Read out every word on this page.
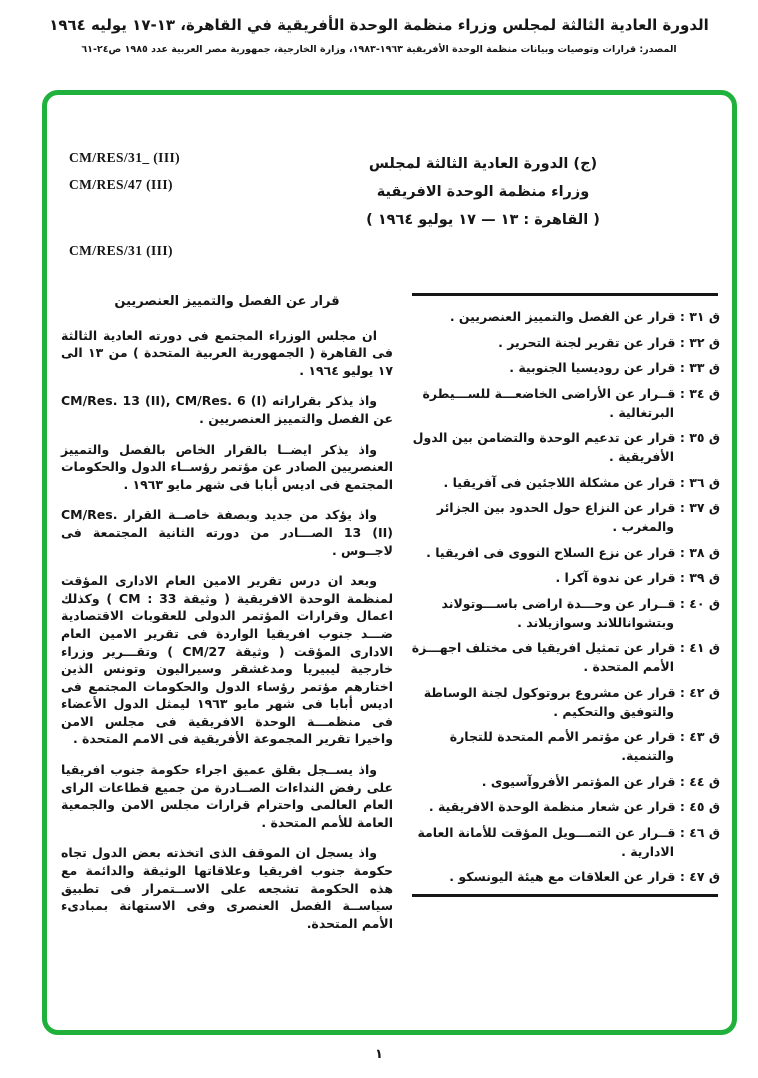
الدورة العادية الثالثة لمجلس وزراء منظمة الوحدة الأفريقية في القاهرة، ١٣-١٧ يوليه ١٩٦٤
المصدر: قرارات وتوصيات وبيانات منظمة الوحدة الأفريقية ١٩٦٣-١٩٨٣، وزارة الخارجية، جمهورية مصر العربية عدد ١٩٨٥ ص٢٤-٦١
CM/RES/31_ (III)
CM/RES/47 (III)
(ج) الدورة العادية الثالثة لمجلس
وزراء منظمة الوحدة الافريقية
( القاهرة : ١٣ — ١٧ يوليو ١٩٦٤ )
CM/RES/31 (III)
قرار عن الفصل والتمييز العنصريين

ان مجلس الوزراء المجتمع فى دورته العادية الثالثة فى القاهرة ( الجمهورية العربية المتحدة ) من ١٣ الى ١٧ يوليو ١٩٦٤ .

واذ يذكر بقراراته CM/Res. 13 (II), CM/Res. 6 (I) عن الفصل والتمييز العنصريين .

واذ يذكر ايضــا بالقرار الخاص بالفصل والتمييز العنصريين الصادر عن مؤتمر رؤســاء الدول والحكومات المجتمع فى اديس أبابا فى شهر مايو ١٩٦٣ .

واذ يؤكد من جديد وبصفة خاصــة القرار CM/Res. 13 (II) الصـــادر من دورته الثانية المجتمعة فى لاجــوس .

وبعد ان درس تقرير الامين العام الادارى المؤقت لمنظمة الوحدة الافريقية ( وثيقة CM : 33 ) وكذلك اعمال وقرارات المؤتمر الدولى للعقوبات الاقتصادية ضـــد جنوب افريقيا الواردة فى تقرير الامين العام الادارى المؤقت ( وثيقة CM/27 ) وتقـــرير وزراء خارجية ليبيريا ومدغشقر وسيراليون وتونس الذين اختارهم مؤتمر رؤساء الدول والحكومات المجتمع فى اديس أبابا فى شهر مايو ١٩٦٣ ليمثل الدول الأعضاء فى منظمـــة الوحدة الافريقية فى مجلس الامن واخيرا تقرير المجموعة الأفريقية فى الامم المتحدة .

واذ يســجل بقلق عميق اجراء حكومة جنوب افريقيا على رفض النداءات الصــادرة من جميع قطاعات الراى العام العالمى واحترام قرارات مجلس الامن والجمعية العامة للأمم المتحدة .

واذ يسجل ان الموقف الذى اتخذته بعض الدول تجاه حكومة جنوب افريقيا وعلاقاتها الوثيقة والدائمة مع هذه الحكومة تشجعه على الاســتمرار فى تطبيق سياســة الفصل العنصرى وفى الاستهانة بمبادىء الأمم المتحدة.

ق ٣١ : قرار عن الفصل والتمييز العنصريين .
ق ٣٢ : قرار عن تقرير لجنة التحرير .
ق ٣٣ : قرار عن روديسيا الجنوبية .
ق ٣٤ : قــرار عن الأراضى الخاضعـــة للســـيطرة البرتغالية .
ق ٣٥ : قرار عن تدعيم الوحدة والتضامن بين الدول الأفريقية .
ق ٣٦ : قرار عن مشكلة اللاجئين فى آفريقيا .
ق ٣٧ : قرار عن النزاع حول الحدود بين الجزائر والمغرب .
ق ٣٨ : قرار عن نزع السلاح النووى فى افريقيا .
ق ٣٩ : قرار عن ندوة آكرا .
ق ٤٠ : قــرار عن وحـــدة اراضى باســـوتولاند وبتشواناللاند وسوازيلاند .
ق ٤١ : قرار عن تمثيل افريقيا فى مختلف اجهـــزة الأمم المتحدة .
ق ٤٢ : قرار عن مشروع بروتوكول لجنة الوساطة والتوفيق والتحكيم .
ق ٤٣ : قرار عن مؤتمر الأمم المتحدة للتجارة والتنمية.
ق ٤٤ : قرار عن المؤتمر الأفروآسيوى .
ق ٤٥ : قرار عن شعار منظمة الوحدة الافريقية .
ق ٤٦ : قــرار عن التمـــويل المؤقت للأمانة العامة الادارية .
ق ٤٧ : قرار عن العلاقات مع هيئة اليونسكو .
١
